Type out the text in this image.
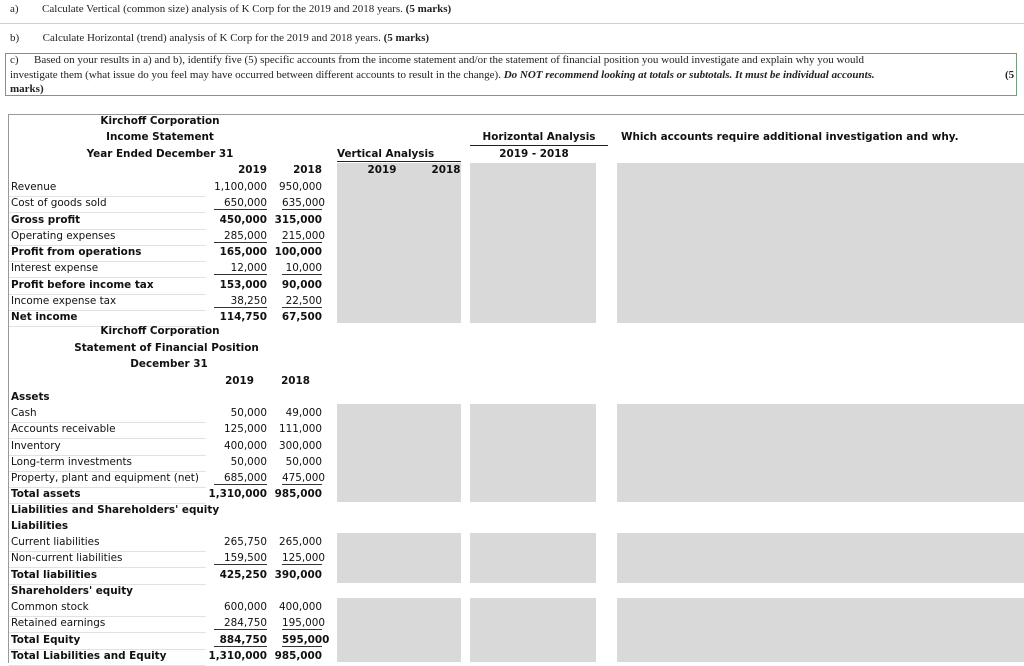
a) Calculate Vertical (common size) analysis of K Corp for the 2019 and 2018 years. (5 marks)
b) Calculate Horizontal (trend) analysis of K Corp for the 2019 and 2018 years. (5 marks)
c) Based on your results in a) and b), identify five (5) specific accounts from the income statement and/or the statement of financial position you would investigate and explain why you would
investigate them (what issue do you feel may have occurred between different accounts to result in the change). Do NOT recommend looking at totals or subtotals. It must be individual accounts.	(5
marks)
Kirchoff Corporation
Income Statement
Year Ended December 31
2019	2018
Vertical Analysis
2019	2018
Horizontal Analysis
2019 - 2018
Which accounts require additional investigation and why.
Revenue	1,100,000	950,000
Cost of goods sold	650,000 635,000
Gross profit	450,000 315,000
Operating expenses	285,000 215,000
Profit from operations	165,000 100,000
Interest expense	12,000	10,000
Profit before income tax	153,000	90,000
Income expense tax	38,250	22,500
Net income	114,750	67,500
Kirchoff Corporation
Statement of Financial Position
December 31
2019	2018
Assets
Cash	50,000	49,000
Accounts receivable	125,000	111,000
Inventory	400,000	300,000
Long-term investments	50,000	50,000
Property, plant and equipment (net)	685,000 475,000
Total assets	1,310,000 985,000
Liabilities and Shareholders' equity
Liabilities
Current liabilities	265,750	265,000
Non-current liabilities	159,500 125,000
Total liabilities	425,250 390,000
Shareholders' equity
Common stock	600,000	400,000
Retained earnings	284,750 195,000
Total Equity	884,750 595,000
Total Liabilities and Equity	1,310,000 985,000
